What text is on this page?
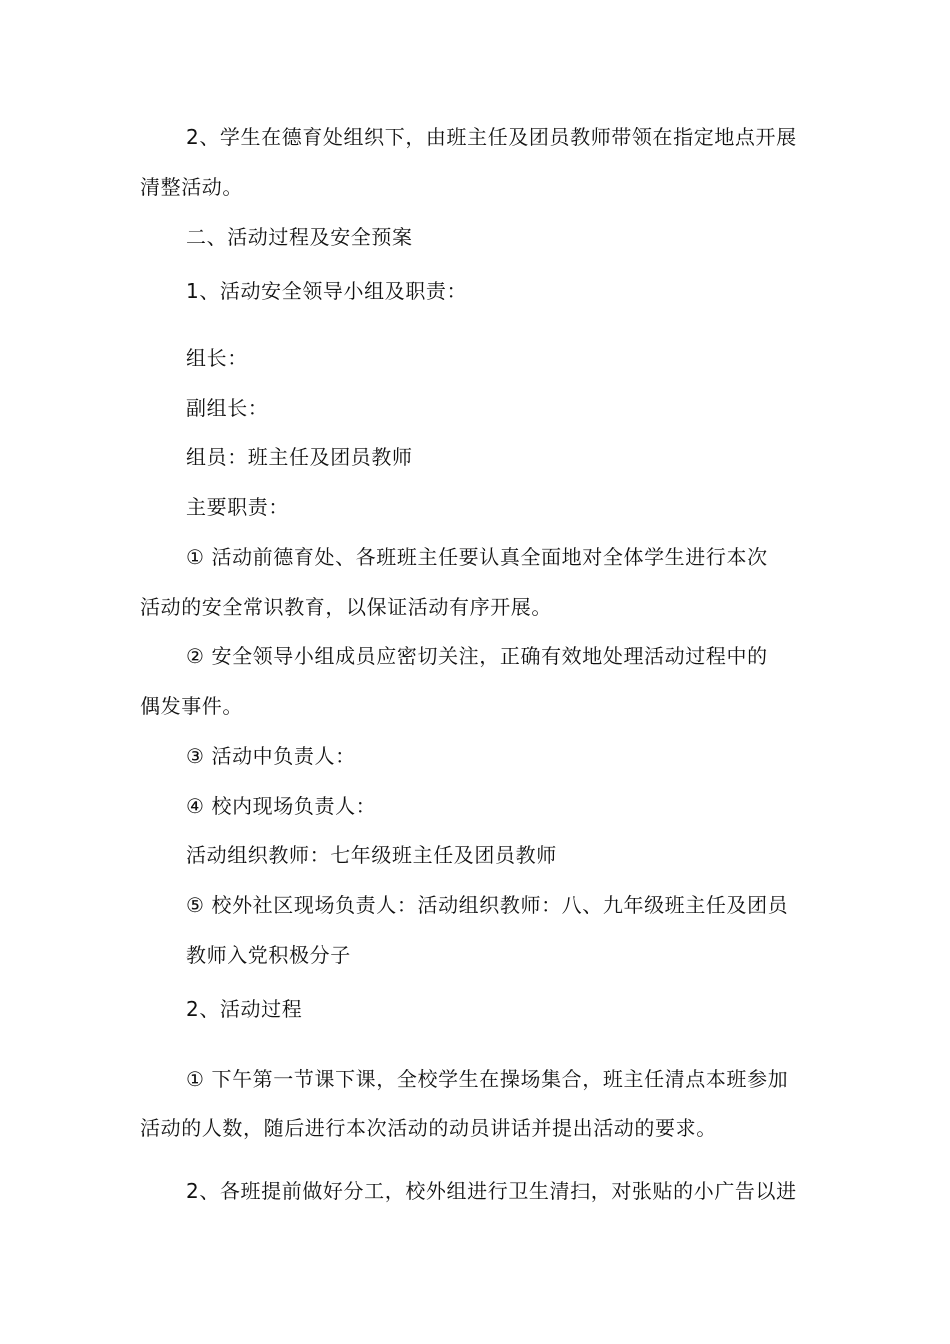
2、学生在德育处组织下，由班主任及团员教师带领在指定地点开展
清整活动。
二、活动过程及安全预案
1、活动安全领导小组及职责：
组长：
副组长：
组员：班主任及团员教师
主要职责：
① 活动前德育处、各班班主任要认真全面地对全体学生进行本次
活动的安全常识教育，以保证活动有序开展。
② 安全领导小组成员应密切关注，正确有效地处理活动过程中的
偶发事件。
③ 活动中负责人：
④ 校内现场负责人：
活动组织教师：七年级班主任及团员教师
⑤ 校外社区现场负责人：活动组织教师：八、九年级班主任及团员
教师入党积极分子
2、活动过程
① 下午第一节课下课，全校学生在操场集合，班主任清点本班参加
活动的人数，随后进行本次活动的动员讲话并提出活动的要求。
2、各班提前做好分工，校外组进行卫生清扫，对张贴的小广告以进
